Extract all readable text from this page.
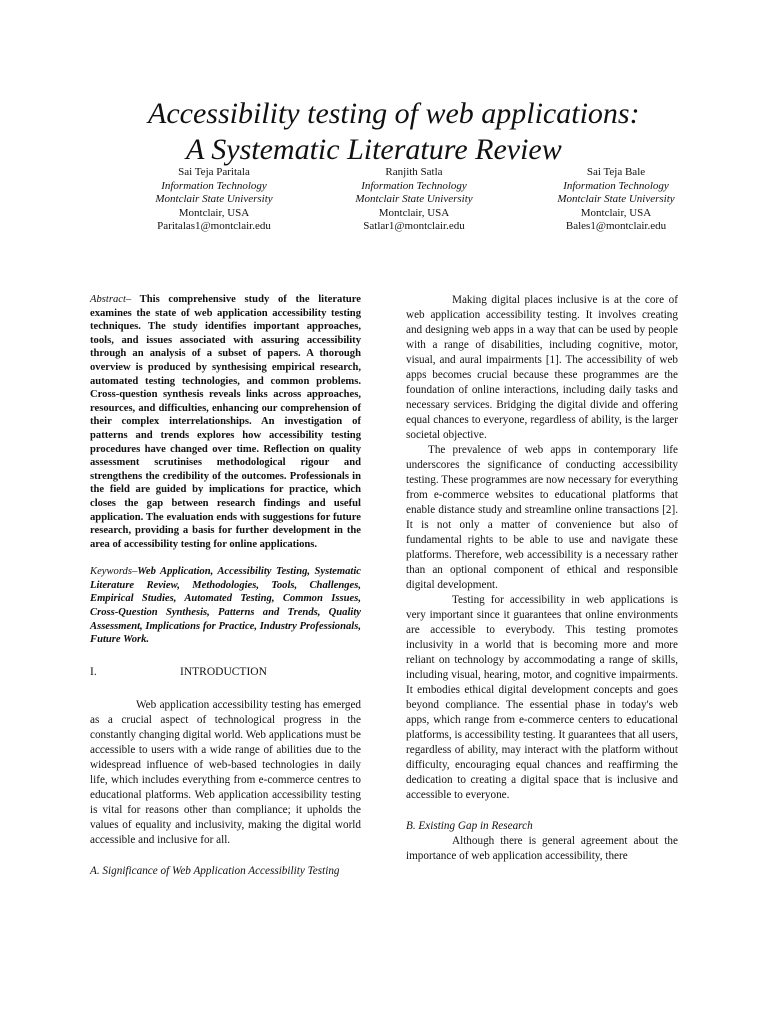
Accessibility testing of web applications:
A Systematic Literature Review
Sai Teja Paritala
Information Technology
Montclair State University
Montclair, USA
Paritalas1@montclair.edu
Ranjith Satla
Information Technology
Montclair State University
Montclair, USA
Satlar1@montclair.edu
Sai Teja Bale
Information Technology
Montclair State University
Montclair, USA
Bales1@montclair.edu

Abstract– This comprehensive study of the literature examines the state of web application accessibility testing techniques. The study identifies important approaches, tools, and issues associated with assuring accessibility through an analysis of a subset of papers. A thorough overview is produced by synthesising empirical research, automated testing technologies, and common problems. Cross-question synthesis reveals links across approaches, resources, and difficulties, enhancing our comprehension of their complex interrelationships. An investigation of patterns and trends explores how accessibility testing procedures have changed over time. Reflection on quality assessment scrutinises methodological rigour and strengthens the credibility of the outcomes. Professionals in the field are guided by implications for practice, which closes the gap between research findings and useful application. The evaluation ends with suggestions for future research, providing a basis for further development in the area of accessibility testing for online applications.

Keywords–Web Application, Accessibility Testing, Systematic Literature Review, Methodologies, Tools, Challenges, Empirical Studies, Automated Testing, Common Issues, Cross-Question Synthesis, Patterns and Trends, Quality Assessment, Implications for Practice, Industry Professionals, Future Work.

I.	INTRODUCTION

Web application accessibility testing has emerged as a crucial aspect of technological progress in the constantly changing digital world. Web applications must be accessible to users with a wide range of abilities due to the widespread influence of web-based technologies in daily life, which includes everything from e-commerce centres to educational platforms. Web application accessibility testing is vital for reasons other than compliance; it upholds the values of equality and inclusivity, making the digital world accessible and inclusive for all.

A. Significance of Web Application Accessibility Testing

Making digital places inclusive is at the core of web application accessibility testing. It involves creating and designing web apps in a way that can be used by people with a range of disabilities, including cognitive, motor, visual, and aural impairments [1]. The accessibility of web apps becomes crucial because these programmes are the foundation of online interactions, including daily tasks and necessary services. Bridging the digital divide and offering equal chances to everyone, regardless of ability, is the larger societal objective.

The prevalence of web apps in contemporary life underscores the significance of conducting accessibility testing. These programmes are now necessary for everything from e-commerce websites to educational platforms that enable distance study and streamline online transactions [2]. It is not only a matter of convenience but also of fundamental rights to be able to use and navigate these platforms. Therefore, web accessibility is a necessary rather than an optional component of ethical and responsible digital development.

Testing for accessibility in web applications is very important since it guarantees that online environments are accessible to everybody. This testing promotes inclusivity in a world that is becoming more and more reliant on technology by accommodating a range of skills, including visual, hearing, motor, and cognitive impairments. It embodies ethical digital development concepts and goes beyond compliance. The essential phase in today's web apps, which range from e-commerce centers to educational platforms, is accessibility testing. It guarantees that all users, regardless of ability, may interact with the platform without difficulty, encouraging equal chances and reaffirming the dedication to creating a digital space that is inclusive and accessible to everyone.

B. Existing Gap in Research

Although there is general agreement about the importance of web application accessibility, there
